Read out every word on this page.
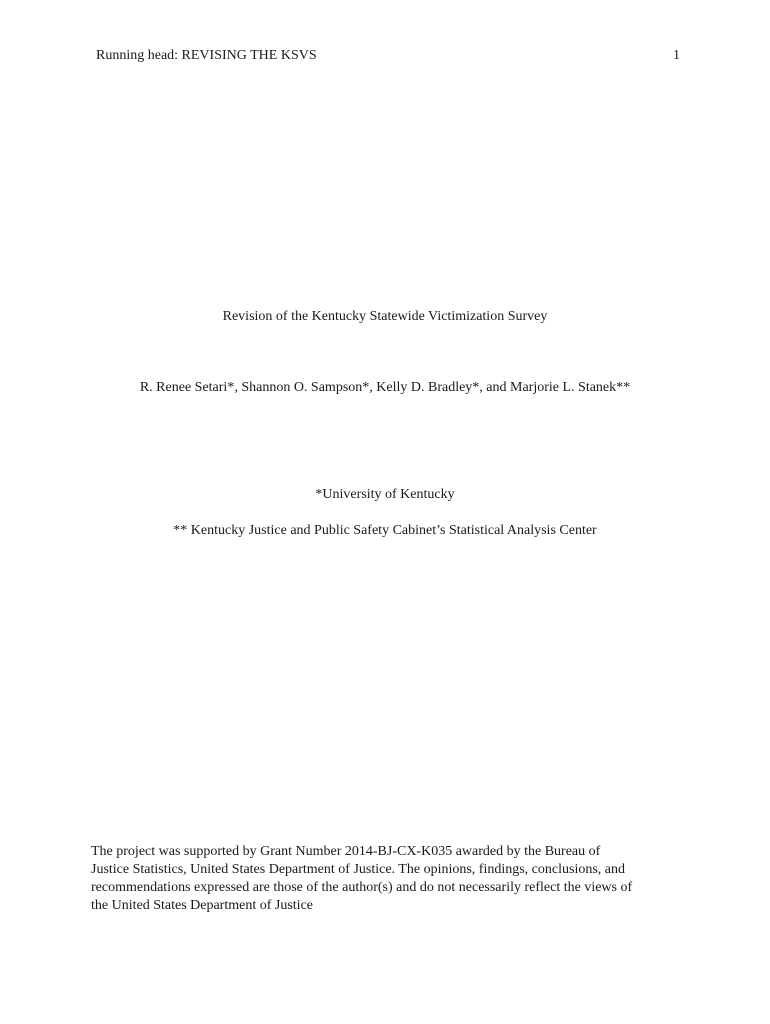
Running head: REVISING THE KSVS	1
Revision of the Kentucky Statewide Victimization Survey
R. Renee Setari*, Shannon O. Sampson*, Kelly D. Bradley*, and Marjorie L. Stanek**
*University of Kentucky
** Kentucky Justice and Public Safety Cabinet’s Statistical Analysis Center
The project was supported by Grant Number 2014-BJ-CX-K035 awarded by the Bureau of
Justice Statistics, United States Department of Justice. The opinions, findings, conclusions, and
recommendations expressed are those of the author(s) and do not necessarily reflect the views of
the United States Department of Justice
